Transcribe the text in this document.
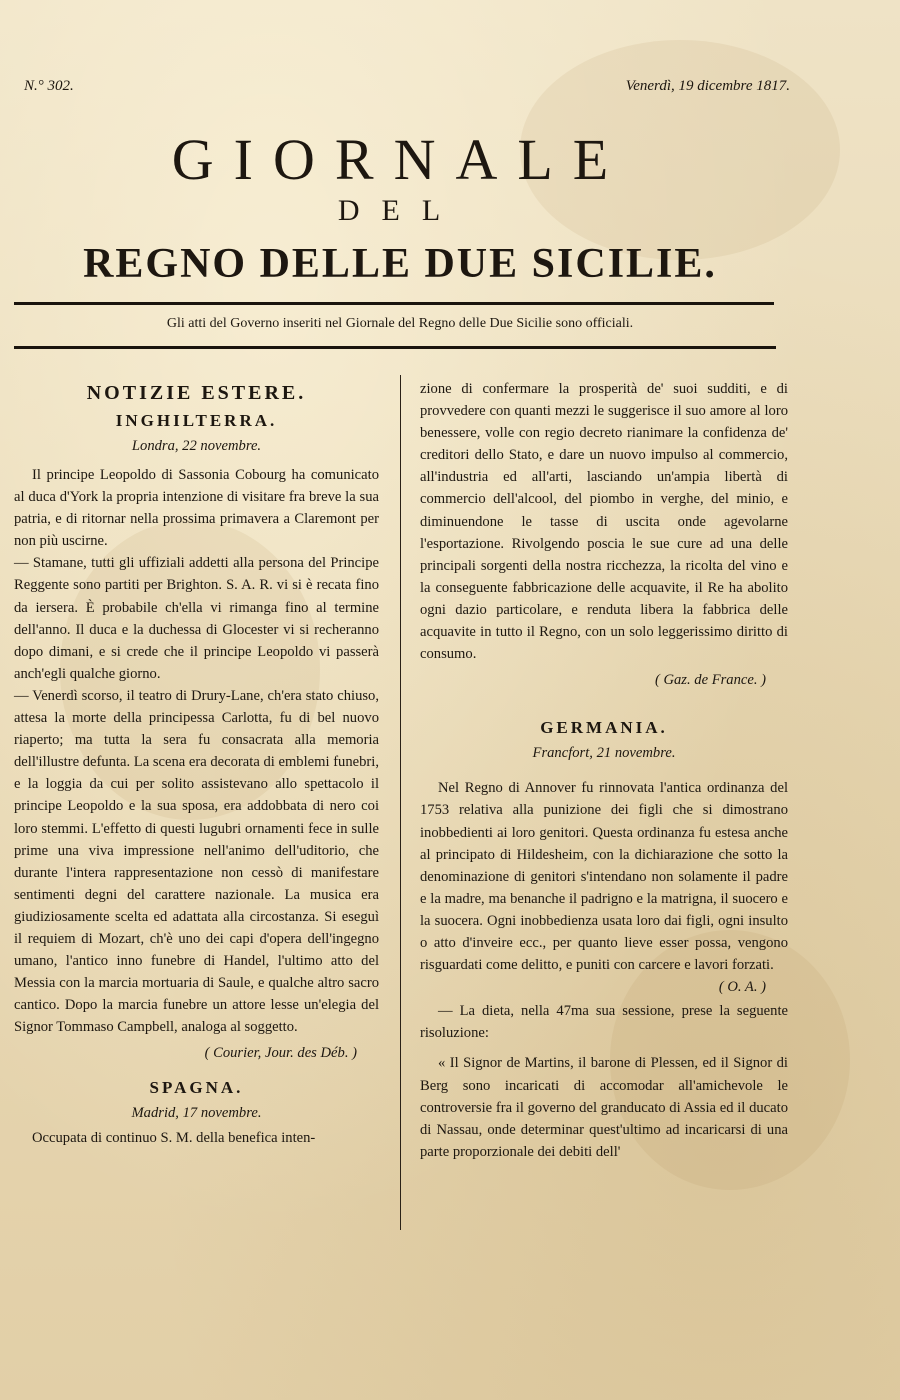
N.° 302.	Venerdì, 19 dicembre 1817.
GIORNALE
DEL
REGNO DELLE DUE SICILIE.
Gli atti del Governo inseriti nel Giornale del Regno delle Due Sicilie sono officiali.
NOTIZIE ESTERE.
INGHILTERRA.
Londra, 22 novembre.

Il principe Leopoldo di Sassonia Cobourg ha comunicato al duca d'York la propria intenzione di visitare fra breve la sua patria, e di ritornar nella prossima primavera a Claremont per non più uscirne.

— Stamane, tutti gli uffiziali addetti alla persona del Principe Reggente sono partiti per Brighton. S. A. R. vi si è recata fino da iersera. È probabile ch'ella vi rimanga fino al termine dell'anno. Il duca e la duchessa di Glocester vi si recheranno dopo dimani, e si crede che il principe Leopoldo vi passerà anch'egli qualche giorno.

— Venerdì scorso, il teatro di Drury-Lane, ch'era stato chiuso, attesa la morte della principessa Carlotta, fu di bel nuovo riaperto; ma tutta la sera fu consacrata alla memoria dell'illustre defunta. La scena era decorata di emblemi funebri, e la loggia da cui per solito assistevano allo spettacolo il principe Leopoldo e la sua sposa, era addobbata di nero coi loro stemmi. L'effetto di questi lugubri ornamenti fece in sulle prime una viva impressione nell'animo dell'uditorio, che durante l'intera rappresentazione non cessò di manifestare sentimenti degni del carattere nazionale. La musica era giudiziosamente scelta ed adattata alla circostanza. Si eseguì il requiem di Mozart, ch'è uno dei capi d'opera dell'ingegno umano, l'antico inno funebre di Handel, l'ultimo atto del Messia con la marcia mortuaria di Saule, e qualche altro sacro cantico. Dopo la marcia funebre un attore lesse un'elegia del Signor Tommaso Campbell, analoga al soggetto.

( Courier, Jour. des Déb. )
SPAGNA.
Madrid, 17 novembre.

Occupata di continuo S. M. della benefica inten-

zione di confermare la prosperità de' suoi sudditi, e di provvedere con quanti mezzi le suggerisce il suo amore al loro benessere, volle con regio decreto rianimare la confidenza de' creditori dello Stato, e dare un nuovo impulso al commercio, all'industria ed all'arti, lasciando un'ampia libertà di commercio dell'alcool, del piombo in verghe, del minio, e diminuendone le tasse di uscita onde agevolarne l'esportazione. Rivolgendo poscia le sue cure ad una delle principali sorgenti della nostra ricchezza, la ricolta del vino e la conseguente fabbricazione delle acquavite, il Re ha abolito ogni dazio particolare, e renduta libera la fabbrica delle acquavite in tutto il Regno, con un solo leggerissimo diritto di consumo.

( Gaz. de France. )
GERMANIA.
Francfort, 21 novembre.

Nel Regno di Annover fu rinnovata l'antica ordinanza del 1753 relativa alla punizione dei figli che si dimostrano inobbedienti ai loro genitori. Questa ordinanza fu estesa anche al principato di Hildesheim, con la dichiarazione che sotto la denominazione di genitori s'intendano non solamente il padre e la madre, ma benanche il padrigno e la matrigna, il suocero e la suocera. Ogni inobbedienza usata loro dai figli, ogni insulto o atto d'inveire ecc., per quanto lieve esser possa, vengono risguardati come delitto, e puniti con carcere e lavori forzati.

( O. A. )

— La dieta, nella 47ma sua sessione, prese la seguente risoluzione:

« Il Signor de Martins, il barone di Plessen, ed il Signor di Berg sono incaricati di accomodar all'amichevole le controversie fra il governo del granducato di Assia ed il ducato di Nassau, onde determinar quest'ultimo ad incaricarsi di una parte proporzionale dei debiti dell'
